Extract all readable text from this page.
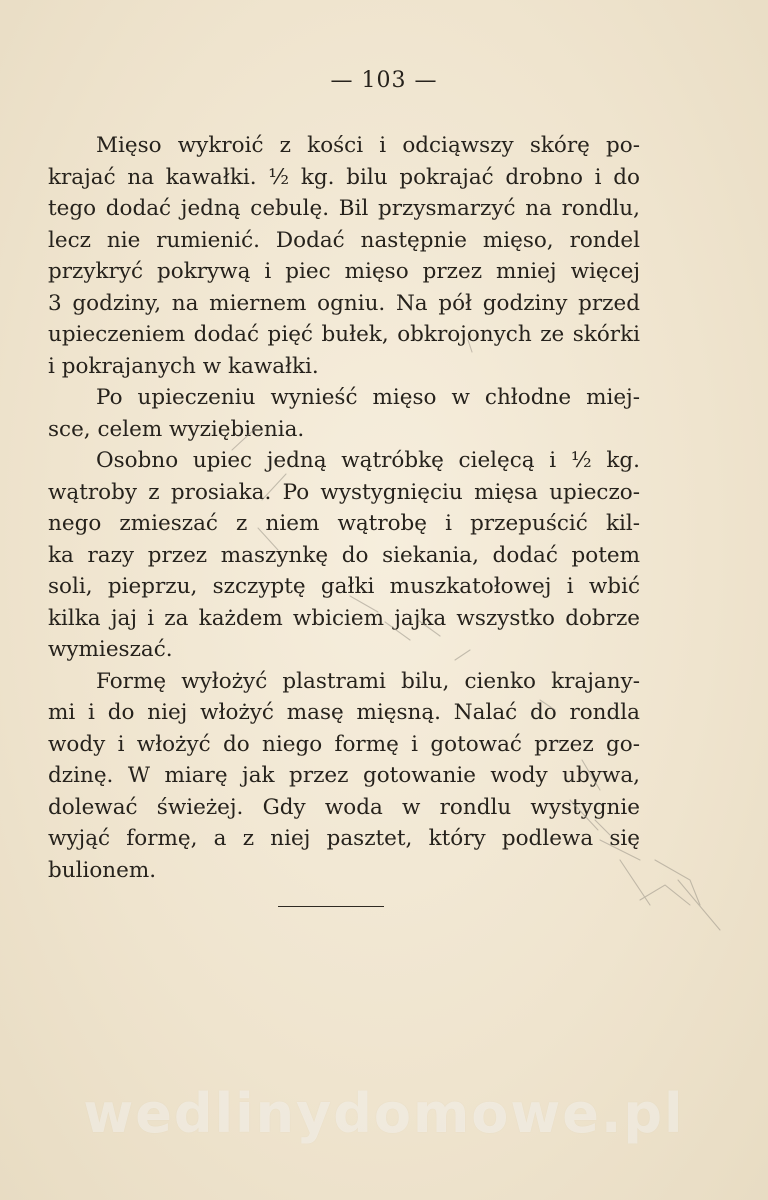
— 103 —
Mięso wykroić z kości i odciąwszy skórę po-
krajać na kawałki. ½ kg. bilu pokrajać drobno i do
tego dodać jedną cebulę. Bil przysmarzyć na rondlu,
lecz nie rumienić. Dodać następnie mięso, rondel
przykryć pokrywą i piec mięso przez mniej więcej
3 godziny, na miernem ogniu. Na pół godziny przed
upieczeniem dodać pięć bułek, obkrojonych ze skórki
i pokrajanych w kawałki.
Po upieczeniu wynieść mięso w chłodne miej-
sce, celem wyziębienia.
Osobno upiec jedną wątróbkę cielęcą i ½ kg.
wątroby z prosiaka. Po wystygnięciu mięsa upieczo-
nego zmieszać z niem wątrobę i przepuścić kil-
ka razy przez maszynkę do siekania, dodać potem
soli, pieprzu, szczyptę gałki muszkatołowej i wbić
kilka jaj i za każdem wbiciem jajka wszystko dobrze
wymieszać.
Formę wyłożyć plastrami bilu, cienko krajany-
mi i do niej włożyć masę mięsną. Nalać do rondla
wody i włożyć do niego formę i gotować przez go-
dzinę. W miarę jak przez gotowanie wody ubywa,
dolewać świeżej. Gdy woda w rondlu wystygnie
wyjąć formę, a z niej pasztet, który podlewa się
bulionem.
wedlinydomowe.pl
